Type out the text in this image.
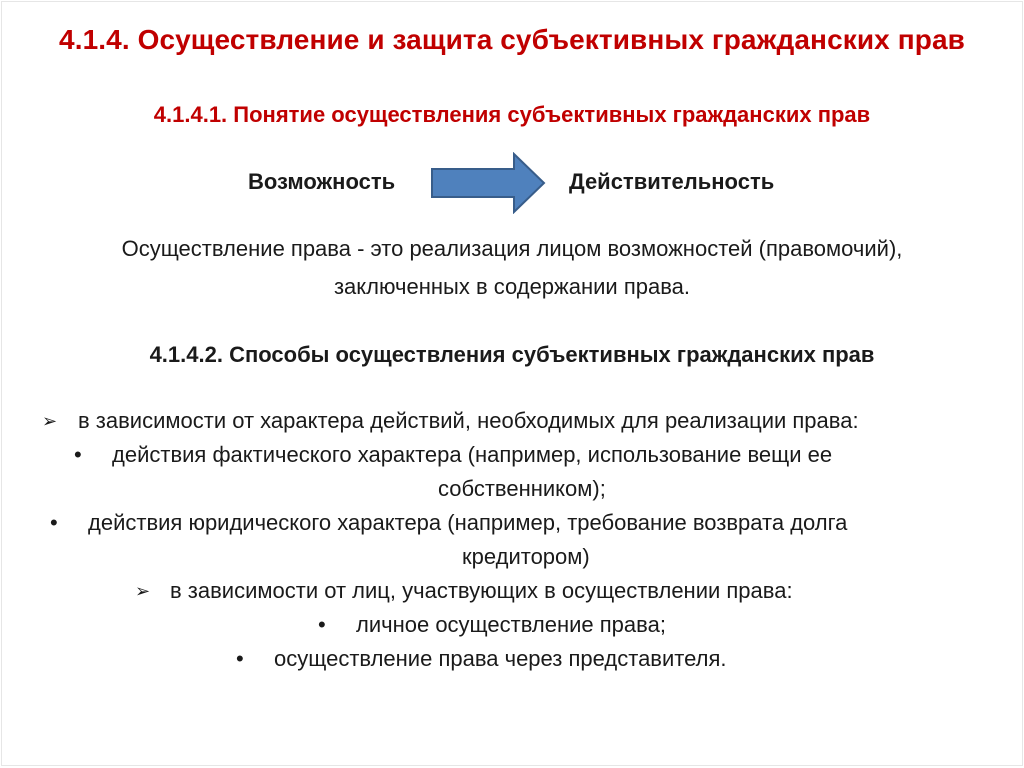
4.1.4. Осуществление и защита субъективных гражданских прав
4.1.4.1. Понятие осуществления субъективных гражданских прав
Возможность	Действительность
Осуществление права - это реализация лицом возможностей (правомочий),
заключенных в содержании права.
4.1.4.2. Способы осуществления субъективных гражданских прав
➢ в зависимости от характера действий, необходимых для реализации права:
• действия фактического характера (например, использование вещи ее
собственником);
• действия юридического характера (например, требование возврата долга
кредитором)
➢ в зависимости от лиц, участвующих в осуществлении права:
• личное осуществление права;
• осуществление права через представителя.
